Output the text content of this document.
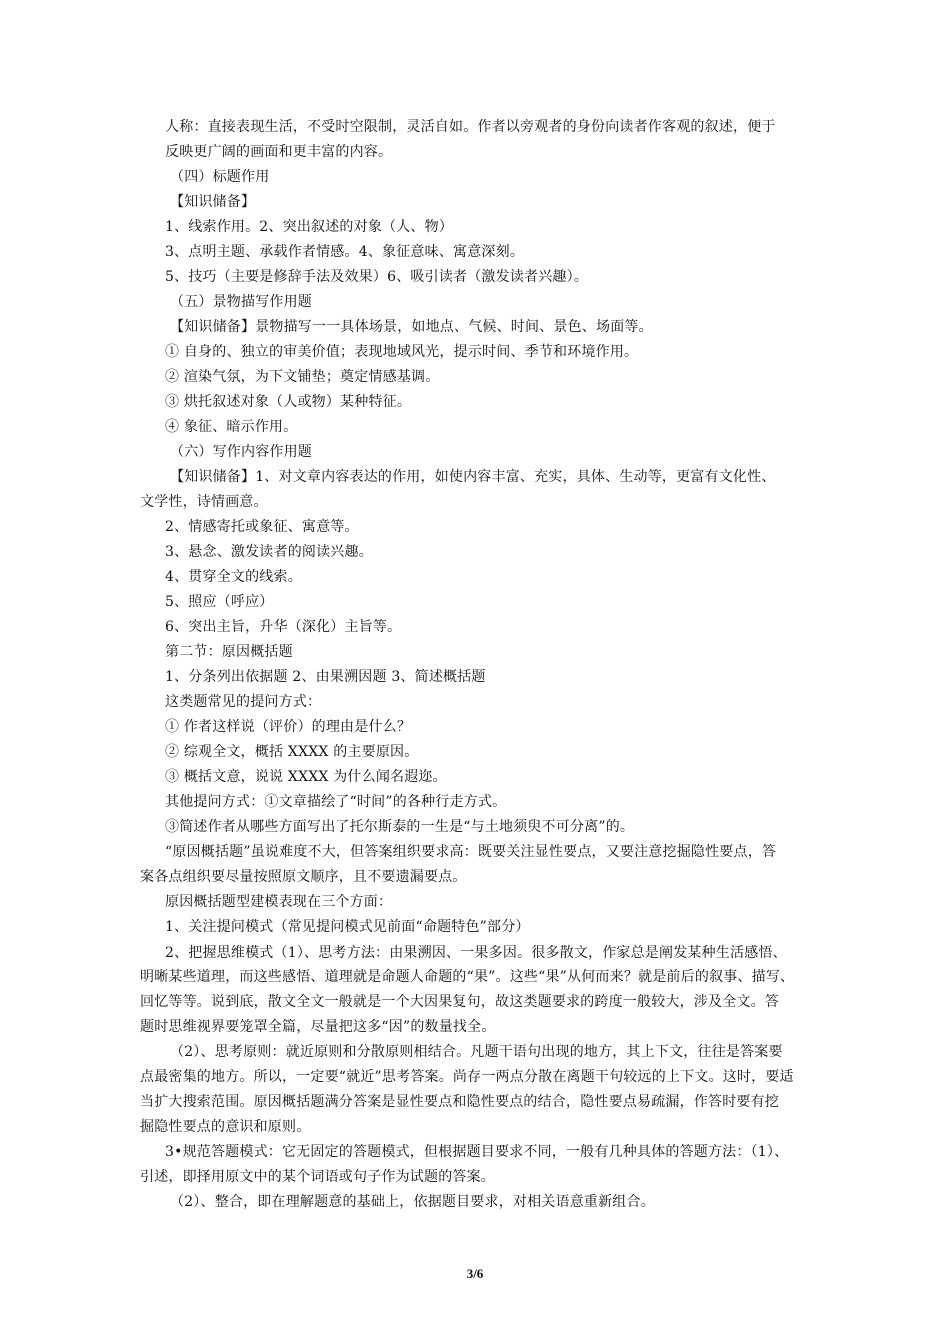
人称：直接表现生活，不受时空限制，灵活自如。作者以旁观者的身份向读者作客观的叙述，便于
反映更广阔的画面和更丰富的内容。
（四）标题作用
【知识储备】
1、线索作用。2、突出叙述的对象（人、物）
3、点明主题、承载作者情感。4、象征意味、寓意深刻。
5、技巧（主要是修辞手法及效果）6、吸引读者（激发读者兴趣）。
（五）景物描写作用题
【知识储备】景物描写一一具体场景，如地点、气候、时间、景色、场面等。
① 自身的、独立的审美价值；表现地域风光，提示时间、季节和环境作用。
② 渲染气氛，为下文铺垫；奠定情感基调。
③ 烘托叙述对象（人或物）某种特征。
④ 象征、暗示作用。
（六）写作内容作用题
【知识储备】1、对文章内容表达的作用，如使内容丰富、充实，具体、生动等，更富有文化性、
文学性，诗情画意。
2、情感寄托或象征、寓意等。
3、悬念、激发读者的阅读兴趣。
4、贯穿全文的线索。
5、照应（呼应）
6、突出主旨，升华（深化）主旨等。
第二节：原因概括题
1、分条列出依据题 2、由果溯因题 3、简述概括题
这类题常见的提问方式：
① 作者这样说（评价）的理由是什么？
② 综观全文，概括 XXXX 的主要原因。
③ 概括文意，说说 XXXX 为什么闻名遐迩。
其他提问方式：①文章描绘了“时间”的各种行走方式。
③简述作者从哪些方面写出了托尔斯泰的一生是“与土地须臾不可分离”的。
“原因概括题”虽说难度不大，但答案组织要求高：既要关注显性要点，又要注意挖掘隐性要点，答
案各点组织要尽量按照原文顺序，且不要遗漏要点。
原因概括题型建模表现在三个方面：
1、关注提问模式（常见提问模式见前面“命题特色”部分）
2、把握思维模式（1）、思考方法：由果溯因、一果多因。很多散文，作家总是阐发某种生活感悟、
明晰某些道理，而这些感悟、道理就是命题人命题的“果”。这些“果”从何而来？就是前后的叙事、描写、
回忆等等。说到底，散文全文一般就是一个大因果复句，故这类题要求的跨度一般较大，涉及全文。答
题时思维视界要笼罩全篇，尽量把这多“因”的数量找全。
（2）、思考原则：就近原则和分散原则相结合。凡题干语句出现的地方，其上下文，往往是答案要
点最密集的地方。所以，一定要“就近”思考答案。尚存一两点分散在离题干句较远的上下文。这时，要适
当扩大搜索范围。原因概括题满分答案是显性要点和隐性要点的结合，隐性要点易疏漏，作答时要有挖
掘隐性要点的意识和原则。
3•规范答题模式：它无固定的答题模式，但根据题目要求不同，一般有几种具体的答题方法：（1）、
引述，即择用原文中的某个词语或句子作为试题的答案。
（2）、整合，即在理解题意的基础上，依据题目要求，对相关语意重新组合。
3/6
